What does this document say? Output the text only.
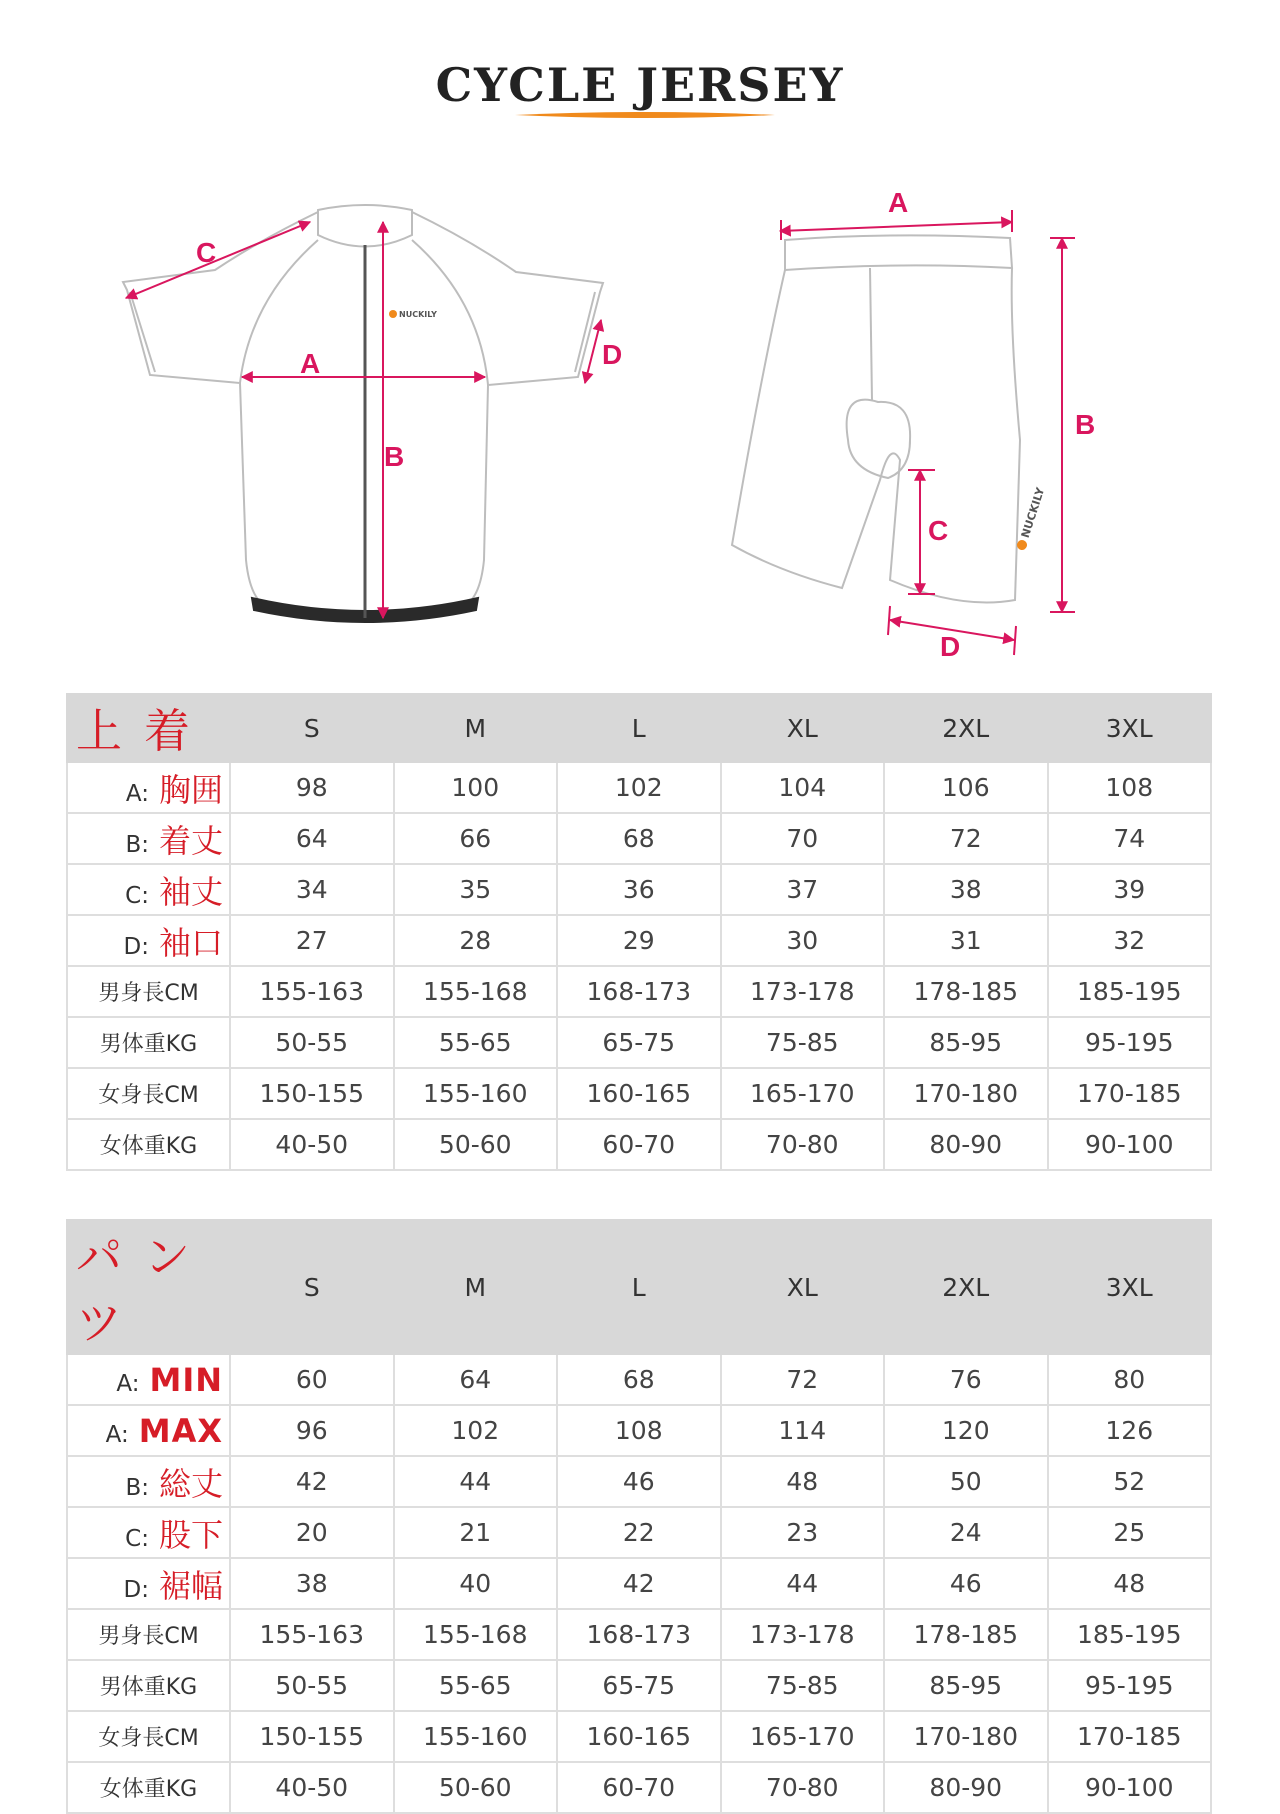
CYCLE JERSEY
NUCKILY
C
A
B
D
NUCKILY
A
B
C
D
上着	S	M	L	XL	2XL	3XL
A: 胸囲	98	100	102	104	106	108
B: 着丈	64	66	68	70	72	74
C: 袖丈	34	35	36	37	38	39
D: 袖口	27	28	29	30	31	32
男身長CM	155-163	155-168	168-173	173-178	178-185	185-195
男体重KG	50-55	55-65	65-75	75-85	85-95	95-195
女身長CM	150-155	155-160	160-165	165-170	170-180	170-185
女体重KG	40-50	50-60	60-70	70-80	80-90	90-100
パンツ	S	M	L	XL	2XL	3XL
A: MIN	60	64	68	72	76	80
A: MAX	96	102	108	114	120	126
B: 総丈	42	44	46	48	50	52
C: 股下	20	21	22	23	24	25
D: 裾幅	38	40	42	44	46	48
男身長CM	155-163	155-168	168-173	173-178	178-185	185-195
男体重KG	50-55	55-65	65-75	75-85	85-95	95-195
女身長CM	150-155	155-160	160-165	165-170	170-180	170-185
女体重KG	40-50	50-60	60-70	70-80	80-90	90-100
